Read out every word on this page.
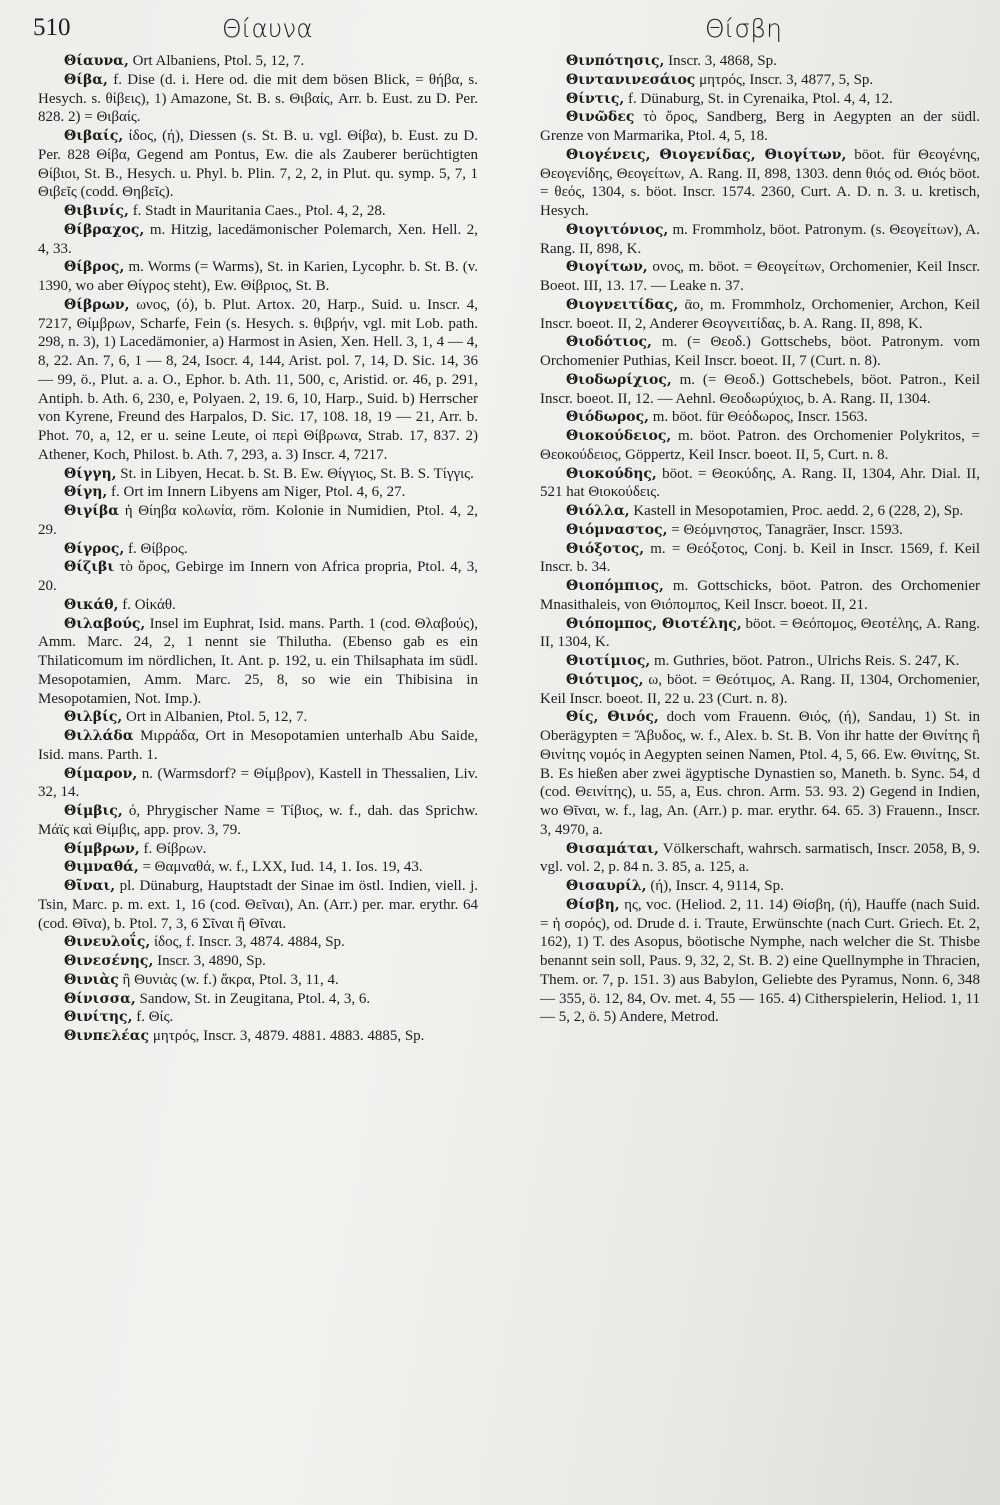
510	Θίαυνα	Θίσβη

Θίαυνα, Ort Albaniens, Ptol. 5, 12, 7.

Θίβα, f. Dise (d. i. Here od. die mit dem bösen Blick, = θήβα, s. Hesych. s. θίβεις), 1) Amazone, St. B. s. Θιβαίς, Arr. b. Eust. zu D. Per. 828. 2) = Θιβαίς.

Θιβαίς, ίδος, (ή), Diessen (s. St. B. u. vgl. Θίβα), b. Eust. zu D. Per. 828 Θίβα, Gegend am Pontus, Ew. die als Zauberer berüchtigten Θίβιοι, St. B., Hesych. u. Phyl. b. Plin. 7, 2, 2, in Plut. qu. symp. 5, 7, 1 Θιβεῖς (codd. Θηβεῖς).

Θιβινίς, f. Stadt in Mauritania Caes., Ptol. 4, 2, 28.

Θίβραχος, m. Hitzig, lacedämonischer Polemarch, Xen. Hell. 2, 4, 33.

Θίβρος, m. Worms (= Warms), St. in Karien, Lycophr. b. St. B. (v. 1390, wo aber Θίγρος steht), Ew. Θίβριος, St. B.

Θίβρων, ωνος, (ό), b. Plut. Artox. 20, Harp., Suid. u. Inscr. 4, 7217, Θίμβρων, Scharfe, Fein (s. Hesych. s. θιβρήν, vgl. mit Lob. path. 298, n. 3), 1) Lacedämonier, a) Harmost in Asien, Xen. Hell. 3, 1, 4 — 4, 8, 22. An. 7, 6, 1 — 8, 24, Isocr. 4, 144, Arist. pol. 7, 14, D. Sic. 14, 36 — 99, ö., Plut. a. a. O., Ephor. b. Ath. 11, 500, c, Aristid. or. 46, p. 291, Antiph. b. Ath. 6, 230, e, Polyaen. 2, 19. 6, 10, Harp., Suid. b) Herrscher von Kyrene, Freund des Harpalos, D. Sic. 17, 108. 18, 19 — 21, Arr. b. Phot. 70, a, 12, er u. seine Leute, οἱ περὶ Θίβρωνα, Strab. 17, 837. 2) Athener, Koch, Philost. b. Ath. 7, 293, a. 3) Inscr. 4, 7217.

Θίγγη, St. in Libyen, Hecat. b. St. B. Ew. Θίγγιος, St. B. S. Τίγγις.

Θίγη, f. Ort im Innern Libyens am Niger, Ptol. 4, 6, 27.

Θιγίβα ἡ Θίηβα κολωνία, röm. Kolonie in Numidien, Ptol. 4, 2, 29.

Θίγρος, f. Θίβρος.

Θίζιβι τὸ ὄρος, Gebirge im Innern von Africa propria, Ptol. 4, 3, 20.

Θικάθ, f. Οἰκάθ.

Θιλαβούς, Insel im Euphrat, Isid. mans. Parth. 1 (cod. Θλαβούς), Amm. Marc. 24, 2, 1 nennt sie Thilutha. (Ebenso gab es ein Thilaticomum im nördlichen, It. Ant. p. 192, u. ein Thilsaphata im südl. Mesopotamien, Amm. Marc. 25, 8, so wie ein Thibisina in Mesopotamien, Not. Imp.).

Θιλβίς, Ort in Albanien, Ptol. 5, 12, 7.

Θιλλάδα Μιρράδα, Ort in Mesopotamien unterhalb Abu Saide, Isid. mans. Parth. 1.

Θίμαρον, n. (Warmsdorf? = Θίμβρον), Kastell in Thessalien, Liv. 32, 14.

Θίμβις, ό, Phrygischer Name = Τίβιος, w. f., dah. das Sprichw. Μάϊς καὶ Θίμβις, app. prov. 3, 79.

Θίμβρων, f. Θίβρων.

Θιμναθά, = Θαμναθά, w. f., LXX, Iud. 14, 1. Ios. 19, 43.

Θῖναι, pl. Dünaburg, Hauptstadt der Sinae im östl. Indien, viell. j. Tsin, Marc. p. m. ext. 1, 16 (cod. Θεῖναι), An. (Arr.) per. mar. erythr. 64 (cod. Θῖνα), b. Ptol. 7, 3, 6 Σῖναι ἢ Θῖναι.

Θινευλοΐς, ίδος, f. Inscr. 3, 4874. 4884, Sp.

Θινεσένης, Inscr. 3, 4890, Sp.

Θινιὰς ἢ Θυνιὰς (w. f.) ἄκρα, Ptol. 3, 11, 4.

Θίνισσα, Sandow, St. in Zeugitana, Ptol. 4, 3, 6.

Θινίτης, f. Θίς.

Θινπελέας μητρός, Inscr. 3, 4879. 4881. 4883. 4885, Sp.

Θινπότησις, Inscr. 3, 4868, Sp.

Θιντανινεσάιος μητρός, Inscr. 3, 4877, 5, Sp.

Θίντις, f. Dünaburg, St. in Cyrenaika, Ptol. 4, 4, 12.

Θινῶδες τὸ ὄρος, Sandberg, Berg in Aegypten an der südl. Grenze von Marmarika, Ptol. 4, 5, 18.

Θιογένεις, Θιογενίδας, Θιογίτων, böot. für Θεογένης, Θεογενίδης, Θεογείτων, A. Rang. II, 898, 1303. denn θιός od. Θιός böot. = θεός, 1304, s. böot. Inscr. 1574. 2360, Curt. A. D. n. 3. u. kretisch, Hesych.

Θιογιτόνιος, m. Frommholz, böot. Patronym. (s. Θεογείτων), A. Rang. II, 898, K.

Θιογίτων, ονος, m. böot. = Θεογείτων, Orchomenier, Keil Inscr. Boeot. III, 13. 17. — Leake n. 37.

Θιογνειτίδας, ᾱο, m. Frommholz, Orchomenier, Archon, Keil Inscr. boeot. II, 2, Anderer Θεογνειτίδας, b. A. Rang. II, 898, K.

Θιοδότιος, m. (= Θεοδ.) Gottschebs, böot. Patronym. vom Orchomenier Puthias, Keil Inscr. boeot. II, 7 (Curt. n. 8).

Θιοδωρίχιος, m. (= Θεοδ.) Gottschebels, böot. Patron., Keil Inscr. boeot. II, 12. — Aehnl. Θεοδωρύχιος, b. A. Rang. II, 1304.

Θιόδωρος, m. böot. für Θεόδωρος, Inscr. 1563.

Θιοκούδειος, m. böot. Patron. des Orchomenier Polykritos, = Θεοκούδειος, Göppertz, Keil Inscr. boeot. II, 5, Curt. n. 8.

Θιοκούδης, böot. = Θεοκύδης, A. Rang. II, 1304, Ahr. Dial. II, 521 hat Θιοκούδεις.

Θιόλλα, Kastell in Mesopotamien, Proc. aedd. 2, 6 (228, 2), Sp.

Θιόμναστος, = Θεόμνηστος, Tanagräer, Inscr. 1593.

Θιόξοτος, m. = Θεόξοτος, Conj. b. Keil in Inscr. 1569, f. Keil Inscr. b. 34.

Θιοπόμπιος, m. Gottschicks, böot. Patron. des Orchomenier Mnasithaleis, von Θιόπομπος, Keil Inscr. boeot. II, 21.

Θιόπομπος, Θιοτέλης, böot. = Θεόπομος, Θεοτέλης, A. Rang. II, 1304, K.

Θιοτίμιος, m. Guthries, böot. Patron., Ulrichs Reis. S. 247, K.

Θιότιμος, ω, böot. = Θεότιμος, A. Rang. II, 1304, Orchomenier, Keil Inscr. boeot. II, 22 u. 23 (Curt. n. 8).

Θίς, Θινός, doch vom Frauenn. Θιός, (ή), Sandau, 1) St. in Oberägypten = Ἄβυδος, w. f., Alex. b. St. B. Von ihr hatte der Θινίτης ἢ Θινίτης νομός in Aegypten seinen Namen, Ptol. 4, 5, 66. Ew. Θινίτης, St. B. Es hießen aber zwei ägyptische Dynastien so, Maneth. b. Sync. 54, d (cod. Θεινίτης), u. 55, a, Eus. chron. Arm. 53. 93. 2) Gegend in Indien, wo Θῖναι, w. f., lag, An. (Arr.) p. mar. erythr. 64. 65. 3) Frauenn., Inscr. 3, 4970, a.

Θισαμάται, Völkerschaft, wahrsch. sarmatisch, Inscr. 2058, B, 9. vgl. vol. 2, p. 84 n. 3. 85, a. 125, a.

Θισαυρίλ, (ή), Inscr. 4, 9114, Sp.

Θίσβη, ης, voc. (Heliod. 2, 11. 14) Θίσβη, (ή), Hauffe (nach Suid. = ἡ σορός), od. Drude d. i. Traute, Erwünschte (nach Curt. Griech. Et. 2, 162), 1) T. des Asopus, böotische Nymphe, nach welcher die St. Thisbe benannt sein soll, Paus. 9, 32, 2, St. B. 2) eine Quellnymphe in Thracien, Them. or. 7, p. 151. 3) aus Babylon, Geliebte des Pyramus, Nonn. 6, 348 — 355, ö. 12, 84, Ov. met. 4, 55 — 165. 4) Citherspielerin, Heliod. 1, 11 — 5, 2, ö. 5) Andere, Metrod.
